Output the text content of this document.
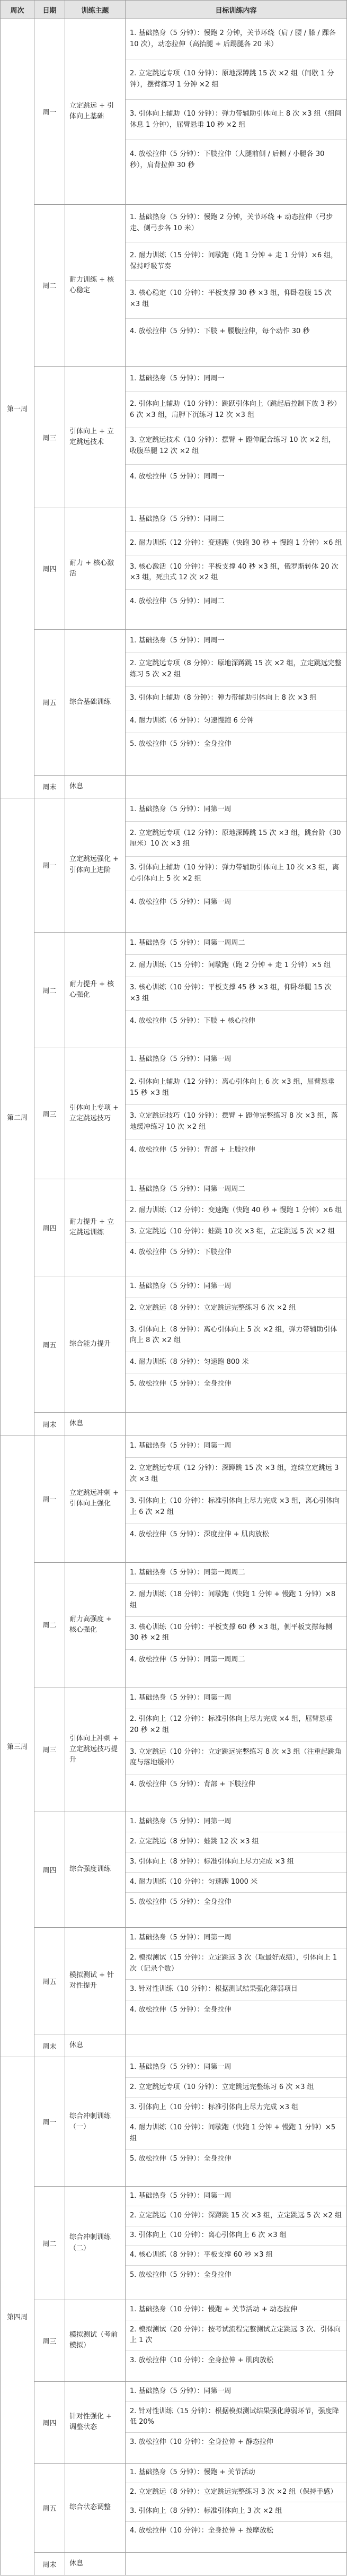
周次	日期	训练主题	目标训练内容
第一周	周一	立定跳远 + 引体向上基础	1. 基础热身（5 分钟）：慢跑 2 分钟，关节环绕（肩 / 腰 / 膝 / 踝各 10 次），动态拉伸（高抬腿 + 后踢腿各 20 米）
2. 立定跳远专项（10 分钟）：原地深蹲跳 15 次 ×2 组（间歇 1 分钟），摆臂练习 1 分钟 ×2 组
3. 引体向上辅助（10 分钟）：弹力带辅助引体向上 8 次 ×3 组（组间休息 1 分钟），屈臂悬垂 10 秒 ×2 组
4. 放松拉伸（5 分钟）：下肢拉伸（大腿前侧 / 后侧 / 小腿各 30 秒），肩背拉伸 30 秒

	周二	耐力训练 + 核心稳定	1. 基础热身（5 分钟）：慢跑 2 分钟，关节环绕 + 动态拉伸（弓步走、侧弓步各 10 米）
2. 耐力训练（15 分钟）：间歇跑（跑 1 分钟 + 走 1 分钟）×6 组，保持呼吸节奏
3. 核心稳定（10 分钟）：平板支撑 30 秒 ×3 组，仰卧卷腹 15 次 ×3 组
4. 放松拉伸（5 分钟）：下肢 + 腰腹拉伸，每个动作 30 秒

	周三	引体向上 + 立定跳远技术	1. 基础热身（5 分钟）：同周一
2. 引体向上辅助（10 分钟）：跳跃引体向上（跳起后控制下放 3 秒）6 次 ×3 组，肩胛下沉练习 12 次 ×3 组
3. 立定跳远技术（10 分钟）：摆臂 + 蹬伸配合练习 10 次 ×2 组，收腹举腿 12 次 ×2 组
4. 放松拉伸（5 分钟）：同周一

	周四	耐力 + 核心激活	1. 基础热身（5 分钟）：同周二
2. 耐力训练（12 分钟）：变速跑（快跑 30 秒 + 慢跑 1 分钟）×6 组
3. 核心激活（10 分钟）：平板支撑 40 秒 ×3 组，俄罗斯转体 20 次 ×3 组，死虫式 12 次 ×2 组
4. 放松拉伸（5 分钟）：同周二

	周五	综合基础训练	1. 基础热身（5 分钟）：同周一
2. 立定跳远专项（8 分钟）：原地深蹲跳 15 次 ×2 组，立定跳远完整练习 5 次 ×2 组
3. 引体向上辅助（8 分钟）：弹力带辅助引体向上 8 次 ×3 组
4. 耐力训练（6 分钟）：匀速慢跑 6 分钟
5. 放松拉伸（5 分钟）：全身拉伸

	周末	休息	

第二周	周一	立定跳远强化 + 引体向上进阶	1. 基础热身（5 分钟）：同第一周
2. 立定跳远专项（12 分钟）：原地深蹲跳 15 次 ×3 组，跳台阶（30 厘米）10 次 ×3 组
3. 引体向上辅助（10 分钟）：弹力带辅助引体向上 10 次 ×3 组，离心引体向上 5 次 ×2 组
4. 放松拉伸（5 分钟）：同第一周

	周二	耐力提升 + 核心强化	1. 基础热身（5 分钟）：同第一周周二
2. 耐力训练（15 分钟）：间歇跑（跑 2 分钟 + 走 1 分钟）×5 组
3. 核心训练（10 分钟）：平板支撑 45 秒 ×3 组，仰卧举腿 15 次 ×3 组
4. 放松拉伸（5 分钟）：下肢 + 核心拉伸

	周三	引体向上专项 + 立定跳远技巧	1. 基础热身（5 分钟）：同第一周
2. 引体向上辅助（12 分钟）：离心引体向上 6 次 ×3 组，屈臂悬垂 15 秒 ×3 组
3. 立定跳远技巧（10 分钟）：摆臂 + 蹬伸完整练习 8 次 ×3 组，落地缓冲练习 10 次 ×2 组
4. 放松拉伸（5 分钟）：背部 + 上肢拉伸

	周四	耐力提升 + 立定跳远训练	1. 基础热身（5 分钟）：同第一周周二
2. 耐力训练（12 分钟）：变速跑（快跑 40 秒 + 慢跑 1 分钟）×6 组
3. 立定跳远（10 分钟）：蛙跳 10 次 ×3 组，立定跳远 5 次 ×2 组
4. 放松拉伸（5 分钟）：下肢拉伸

	周五	综合能力提升	1. 基础热身（5 分钟）：同第一周
2. 立定跳远（8 分钟）：立定跳远完整练习 6 次 ×2 组
3. 引体向上（8 分钟）：离心引体向上 5 次 ×2 组，弹力带辅助引体向上 8 次 ×2 组
4. 耐力训练（8 分钟）：匀速跑 800 米
5. 放松拉伸（5 分钟）：全身拉伸

	周末	休息	

第三周	周一	立定跳远冲刺 + 引体向上强化	1. 基础热身（5 分钟）：同第一周
2. 立定跳远专项（12 分钟）：深蹲跳 15 次 ×3 组，连续立定跳远 3 次 ×3 组
3. 引体向上（10 分钟）：标准引体向上尽力完成 ×3 组，离心引体向上 6 次 ×2 组
4. 放松拉伸（5 分钟）：深度拉伸 + 肌肉放松

	周二	耐力高强度 + 核心强化	1. 基础热身（5 分钟）：同第一周周二
2. 耐力训练（18 分钟）：间歇跑（快跑 1 分钟 + 慢跑 1 分钟）×8 组
3. 核心训练（10 分钟）：平板支撑 60 秒 ×3 组，侧平板支撑每侧 30 秒 ×2 组
4. 放松拉伸（5 分钟）：同第一周周二

	周三	引体向上冲刺 + 立定跳远技巧提升	1. 基础热身（5 分钟）：同第一周
2. 引体向上（12 分钟）：标准引体向上尽力完成 ×4 组，屈臂悬垂 20 秒 ×2 组
3. 立定跳远（10 分钟）：立定跳远完整练习 8 次 ×3 组（注重起跳角度与落地缓冲）
4. 放松拉伸（5 分钟）：背部 + 下肢拉伸

	周四	综合强度训练	1. 基础热身（5 分钟）：同第一周
2. 立定跳远（8 分钟）：蛙跳 12 次 ×3 组
3. 引体向上（8 分钟）：标准引体向上尽力完成 ×3 组
4. 耐力训练（10 分钟）：匀速跑 1000 米
5. 放松拉伸（5 分钟）：全身拉伸

	周五	模拟测试 + 针对性提升	1. 基础热身（5 分钟）：同第一周
2. 模拟测试（15 分钟）：立定跳远 3 次（取最好成绩），引体向上 1 次（记录个数）
3. 针对性训练（10 分钟）：根据测试结果强化薄弱项目
4. 放松拉伸（5 分钟）：全身拉伸

	周末	休息	

第四周	周一	综合冲刺训练（一）	1. 基础热身（5 分钟）：同第一周
2. 立定跳远专项（10 分钟）：立定跳远完整练习 6 次 ×3 组
3. 引体向上（10 分钟）：标准引体向上尽力完成 ×3 组
4. 耐力训练（10 分钟）：间歇跑（快跑 1 分钟 + 慢跑 1 分钟）×5 组
5. 放松拉伸（5 分钟）：全身拉伸

	周二	综合冲刺训练（二）	1. 基础热身（5 分钟）：同第一周
2. 立定跳远（10 分钟）：深蹲跳 15 次 ×3 组，立定跳远 5 次 ×2 组
3. 引体向上（10 分钟）：离心引体向上 6 次 ×3 组
4. 核心训练（8 分钟）：平板支撑 60 秒 ×3 组
5. 放松拉伸（5 分钟）：全身拉伸

	周三	模拟测试（考前模拟）	1. 基础热身（10 分钟）：慢跑 + 关节活动 + 动态拉伸
2. 模拟测试（20 分钟）：按考试流程完整测试立定跳远 3 次、引体向上 1 次
3. 放松拉伸（10 分钟）：全身拉伸 + 肌肉放松

	周四	针对性强化 + 调整状态	1. 基础热身（5 分钟）：同第一周
2. 针对性训练（15 分钟）：根据模拟测试结果强化薄弱环节，强度降低 20%
3. 放松拉伸（10 分钟）：全身拉伸 + 静态拉伸

	周五	综合状态调整	1. 基础热身（5 分钟）：慢跑 + 关节活动
2. 立定跳远（8 分钟）：立定跳远完整练习 3 次 ×2 组（保持手感）
3. 引体向上（8 分钟）：标准引体向上 3 次 ×2 组
4. 放松拉伸（10 分钟）：全身拉伸 + 按摩放松

	周末	休息	
